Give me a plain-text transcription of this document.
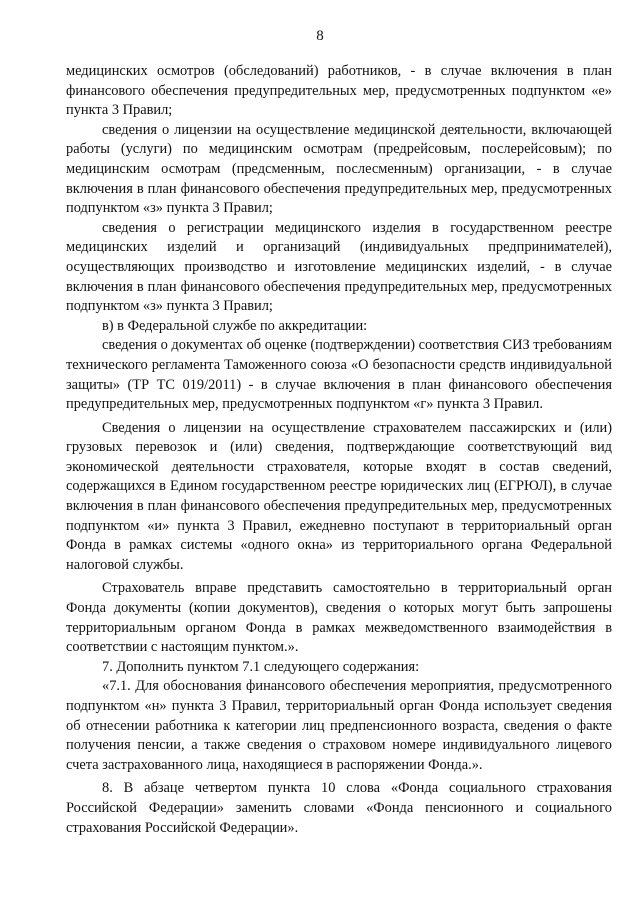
8

медицинских осмотров (обследований) работников, - в случае включения в план финансового обеспечения предупредительных мер, предусмотренных подпунктом «е» пункта 3 Правил;

сведения о лицензии на осуществление медицинской деятельности, включающей работы (услуги) по медицинским осмотрам (предрейсовым, послерейсовым); по медицинским осмотрам (предсменным, послесменным) организации, - в случае включения в план финансового обеспечения предупредительных мер, предусмотренных подпунктом «з» пункта 3 Правил;

сведения о регистрации медицинского изделия в государственном реестре медицинских изделий и организаций (индивидуальных предпринимателей), осуществляющих производство и изготовление медицинских изделий, - в случае включения в план финансового обеспечения предупредительных мер, предусмотренных подпунктом «з» пункта 3 Правил;

в) в Федеральной службе по аккредитации:

сведения о документах об оценке (подтверждении) соответствия СИЗ требованиям технического регламента Таможенного союза «О безопасности средств индивидуальной защиты» (ТР ТС 019/2011) - в случае включения в план финансового обеспечения предупредительных мер, предусмотренных подпунктом «г» пункта 3 Правил.

Сведения о лицензии на осуществление страхователем пассажирских и (или) грузовых перевозок и (или) сведения, подтверждающие соответствующий вид экономической деятельности страхователя, которые входят в состав сведений, содержащихся в Едином государственном реестре юридических лиц (ЕГРЮЛ), в случае включения в план финансового обеспечения предупредительных мер, предусмотренных подпунктом «и» пункта 3 Правил, ежедневно поступают в территориальный орган Фонда в рамках системы «одного окна» из территориального органа Федеральной налоговой службы.

Страхователь вправе представить самостоятельно в территориальный орган Фонда документы (копии документов), сведения о которых могут быть запрошены территориальным органом Фонда в рамках межведомственного взаимодействия в соответствии с настоящим пунктом.».

7. Дополнить пунктом 7.1 следующего содержания:

«7.1. Для обоснования финансового обеспечения мероприятия, предусмотренного подпунктом «н» пункта 3 Правил, территориальный орган Фонда использует сведения об отнесении работника к категории лиц предпенсионного возраста, сведения о факте получения пенсии, а также сведения о страховом номере индивидуального лицевого счета застрахованного лица, находящиеся в распоряжении Фонда.».

8. В абзаце четвертом пункта 10 слова «Фонда социального страхования Российской Федерации» заменить словами «Фонда пенсионного и социального страхования Российской Федерации».
